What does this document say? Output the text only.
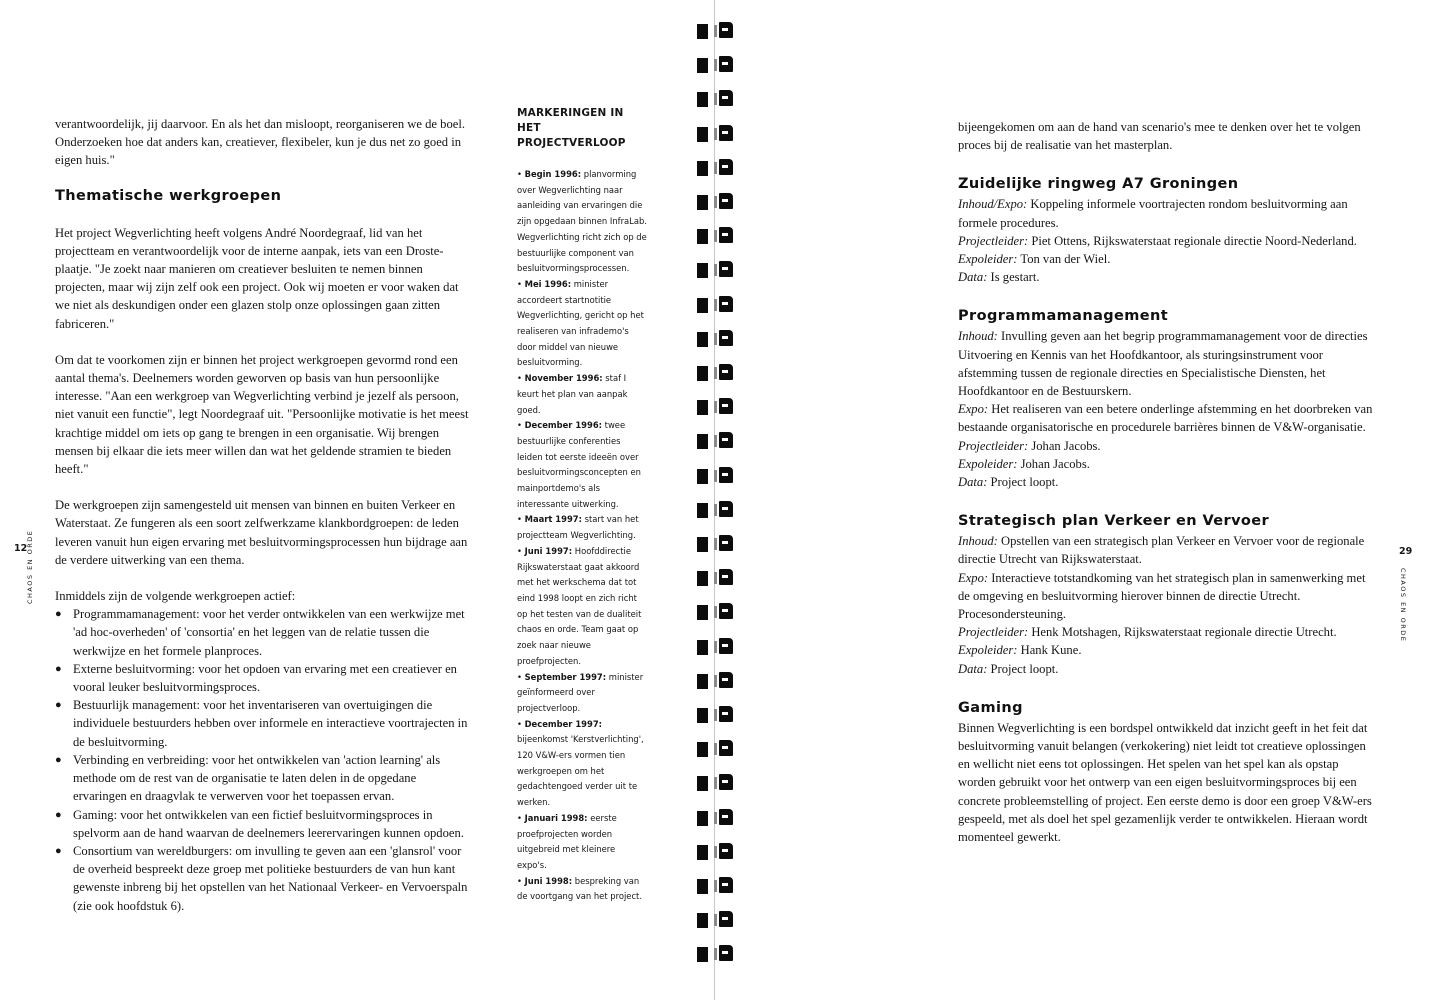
verantwoordelijk, jij daarvoor. En als het dan misloopt, reorganiseren we de boel. Onderzoeken hoe dat anders kan, creatiever, flexibeler, kun je dus net zo goed in eigen huis."

Thematische werkgroepen

Het project Wegverlichting heeft volgens André Noordegraaf, lid van het projectteam en verantwoordelijk voor de interne aanpak, iets van een Droste-plaatje. "Je zoekt naar manieren om creatiever besluiten te nemen binnen projecten, maar wij zijn zelf ook een project. Ook wij moeten er voor waken dat we niet als deskundigen onder een glazen stolp onze oplossingen gaan zitten fabriceren."

Om dat te voorkomen zijn er binnen het project werkgroepen gevormd rond een aantal thema's. Deelnemers worden geworven op basis van hun persoonlijke interesse. "Aan een werkgroep van Wegverlichting verbind je jezelf als persoon, niet vanuit een functie", legt Noordegraaf uit. "Persoonlijke motivatie is het meest krachtige middel om iets op gang te brengen in een organisatie. Wij brengen mensen bij elkaar die iets meer willen dan wat het geldende stramien te bieden heeft."

De werkgroepen zijn samengesteld uit mensen van binnen en buiten Verkeer en Waterstaat. Ze fungeren als een soort zelfwerkzame klankbordgroepen: de leden leveren vanuit hun eigen ervaring met besluitvormingsprocessen hun bijdrage aan de verdere uitwerking van een thema.

Inmiddels zijn de volgende werkgroepen actief:

● Programmamanagement: voor het verder ontwikkelen van een werkwijze met 'ad hoc-overheden' of 'consortia' en het leggen van de relatie tussen die werkwijze en het formele planproces.
● Externe besluitvorming: voor het opdoen van ervaring met een creatiever en vooral leuker besluitvormingsproces.
● Bestuurlijk management: voor het inventariseren van overtuigingen die individuele bestuurders hebben over informele en interactieve voortrajecten in de besluitvorming.
● Verbinding en verbreiding: voor het ontwikkelen van 'action learning' als methode om de rest van de organisatie te laten delen in de opgedane ervaringen en draagvlak te verwerven voor het toepassen ervan.
● Gaming: voor het ontwikkelen van een fictief besluitvormingsproces in spelvorm aan de hand waarvan de deelnemers leerervaringen kunnen opdoen.
● Consortium van wereldburgers: om invulling te geven aan een 'glansrol' voor de overheid bespreekt deze groep met politieke bestuurders de van hun kant gewenste inbreng bij het opstellen van het Nationaal Verkeer- en Vervoerspaln (zie ook hoofdstuk 6).
MARKERINGEN IN HET
PROJECTVERLOOP
• Begin 1996: planvorming over Wegverlichting naar aanleiding van ervaringen die zijn opgedaan binnen InfraLab. Wegverlichting richt zich op de bestuurlijke component van besluitvormingsprocessen.
• Mei 1996: minister accordeert startnotitie Wegverlichting, gericht op het realiseren van infrademo's door middel van nieuwe besluitvorming.
• November 1996: staf I keurt het plan van aanpak goed.
• December 1996: twee bestuurlijke conferenties leiden tot eerste ideeën over besluitvormingsconcepten en mainportdemo's als interessante uitwerking.
• Maart 1997: start van het projectteam Wegverlichting.
• Juni 1997: Hoofddirectie Rijkswaterstaat gaat akkoord met het werkschema dat tot eind 1998 loopt en zich richt op het testen van de dualiteit chaos en orde. Team gaat op zoek naar nieuwe proefprojecten.
• September 1997: minister geïnformeerd over projectverloop.
• December 1997: bijeenkomst 'Kerstverlichting', 120 V&W-ers vormen tien werkgroepen om het gedachtengoed verder uit te werken.
• Januari 1998: eerste proefprojecten worden uitgebreid met kleinere expo's.
• Juni 1998: bespreking van de voortgang van het project.
12
CHAOS EN ORDE	29
CHAOS EN ORDE

bijeengekomen om aan de hand van scenario's mee te denken over het te volgen proces bij de realisatie van het masterplan.

Zuidelijke ringweg A7 Groningen

Inhoud/Expo: Koppeling informele voortrajecten rondom besluitvorming aan formele procedures.

Projectleider: Piet Ottens, Rijkswaterstaat regionale directie Noord-Nederland.

Expoleider: Ton van der Wiel.

Data: Is gestart.

Programmamanagement

Inhoud: Invulling geven aan het begrip programmamanagement voor de directies Uitvoering en Kennis van het Hoofdkantoor, als sturingsinstrument voor afstemming tussen de regionale directies en Specialistische Diensten, het Hoofdkantoor en de Bestuurskern.

Expo: Het realiseren van een betere onderlinge afstemming en het doorbreken van bestaande organisatorische en procedurele barrières binnen de V&W-organisatie.

Projectleider: Johan Jacobs.

Expoleider: Johan Jacobs.

Data: Project loopt.

Strategisch plan Verkeer en Vervoer

Inhoud: Opstellen van een strategisch plan Verkeer en Vervoer voor de regionale directie Utrecht van Rijkswaterstaat.

Expo: Interactieve totstandkoming van het strategisch plan in samenwerking met de omgeving en besluitvorming hierover binnen de directie Utrecht. Procesondersteuning.

Projectleider: Henk Motshagen, Rijkswaterstaat regionale directie Utrecht.

Expoleider: Hank Kune.

Data: Project loopt.

Gaming

Binnen Wegverlichting is een bordspel ontwikkeld dat inzicht geeft in het feit dat besluitvorming vanuit belangen (verkokering) niet leidt tot creatieve oplossingen en wellicht niet eens tot oplossingen. Het spelen van het spel kan als opstap worden gebruikt voor het ontwerp van een eigen besluitvormingsproces bij een concrete probleemstelling of project. Een eerste demo is door een groep V&W-ers gespeeld, met als doel het spel gezamenlijk verder te ontwikkelen. Hieraan wordt momenteel gewerkt.
